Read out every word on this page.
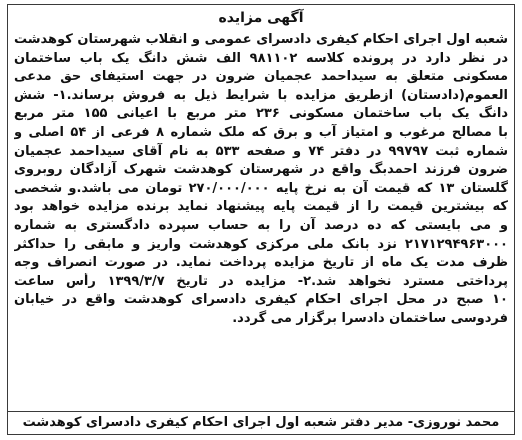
آگهی مزایده
شعبه اول اجرای احکام کیفری دادسرای عمومی و انقلاب شهرستان کوهدشت
در نظر دارد در پرونده کلاسه ۹۸۱۱۰۲ الف شش دانگ یک باب ساختمان
مسکونی متعلق به سیداحمد عجمیان ضرون در جهت استیفای حق مدعی
العموم(دادستان) ازطریق مزایده با شرایط ذیل به فروش برساند.۱- شش
دانگ یک باب ساختمان مسکونی ۲۳۶ متر مربع با اعیانی ۱۵۵ متر مربع
با مصالح مرغوب و امتیاز آب و برق که ملک شماره ۸ فرعی از ۵۴ اصلی و
شماره ثبت ۹۹۷۹۷ در دفتر ۷۴ و صفحه ۵۳۳ به نام آقای سیداحمد عجمیان
ضرون فرزند احمدبگ واقع در شهرستان کوهدشت شهرک آزادگان روبروی
گلستان ۱۳ که قیمت آن به نرخ پایه ۲۷۰/۰۰۰/۰۰۰ تومان می باشد.و شخصی
که بیشترین قیمت را از قیمت پایه پیشنهاد نماید برنده مزایده خواهد بود
و می بایستی که ده درصد آن را به حساب سپرده دادگستری به شماره
۲۱۷۱۲۹۴۹۶۳۰۰۰ نزد بانک ملی مرکزی کوهدشت واریز و مابقی را حداکثر
ظرف مدت یک ماه از تاریخ مزایده پرداخت نماید. در صورت انصراف وجه
پرداختی مسترد نخواهد شد.۲- مزایده در تاریخ ۱۳۹۹/۳/۷ رأس ساعت
۱۰ صبح در محل اجرای احکام کیفری دادسرای کوهدشت واقع در خیابان
فردوسی ساختمان دادسرا برگزار می گردد.
محمد نوروزی- مدیر دفتر شعبه اول اجرای احکام کیفری دادسرای کوهدشت
